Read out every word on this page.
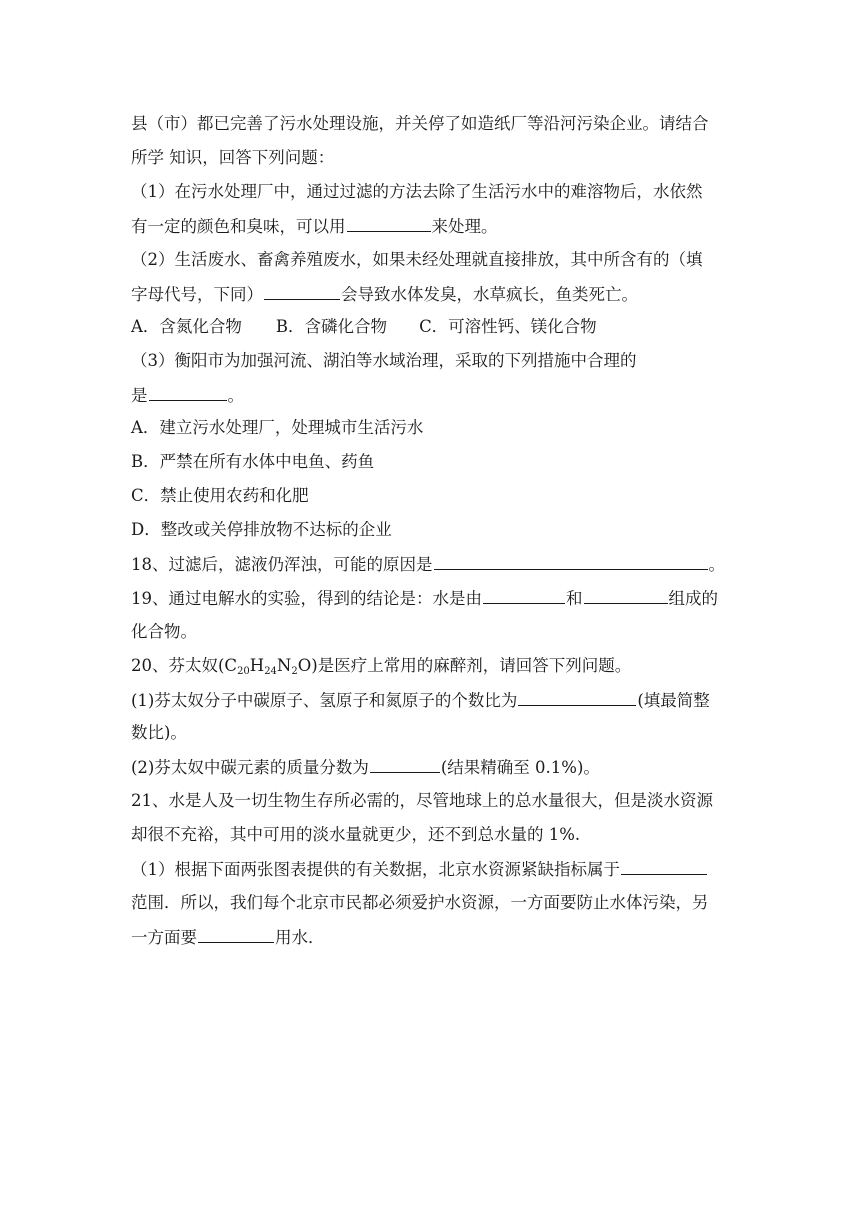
县（市）都已完善了污水处理设施，并关停了如造纸厂等沿河污染企业。请结合
所学 知识，回答下列问题：
（1）在污水处理厂中，通过过滤的方法去除了生活污水中的难溶物后，水依然
有一定的颜色和臭味，可以用	来处理。
（2）生活废水、畜禽养殖废水，如果未经处理就直接排放，其中所含有的（填
字母代号，下同）	会导致水体发臭，水草疯长，鱼类死亡。
A．含氮化合物 B．含磷化合物 C．可溶性钙、镁化合物
（3）衡阳市为加强河流、湖泊等水域治理，采取的下列措施中合理的
是	。
A．建立污水处理厂，处理城市生活污水
B．严禁在所有水体中电鱼、药鱼
C．禁止使用农药和化肥
D．整改或关停排放物不达标的企业
18、过滤后，滤液仍浑浊，可能的原因是	。
19、通过电解水的实验，得到的结论是：水是由	和	组成的
化合物。
20、芬太奴$(C_{20}H_{24}N_2O)$是医疗上常用的麻醉剂，请回答下列问题。
(1)芬太奴分子中碳原子、氢原子和氮原子的个数比为	(填最简整
数比)。
(2)芬太奴中碳元素的质量分数为	(结果精确至 0.1%)。
21、水是人及一切生物生存所必需的，尽管地球上的总水量很大，但是淡水资源
却很不充裕，其中可用的淡水量就更少，还不到总水量的 1%.
（1）根据下面两张图表提供的有关数据，北京水资源紧缺指标属于
范围．所以，我们每个北京市民都必须爱护水资源，一方面要防止水体污染，另
一方面要	用水．
